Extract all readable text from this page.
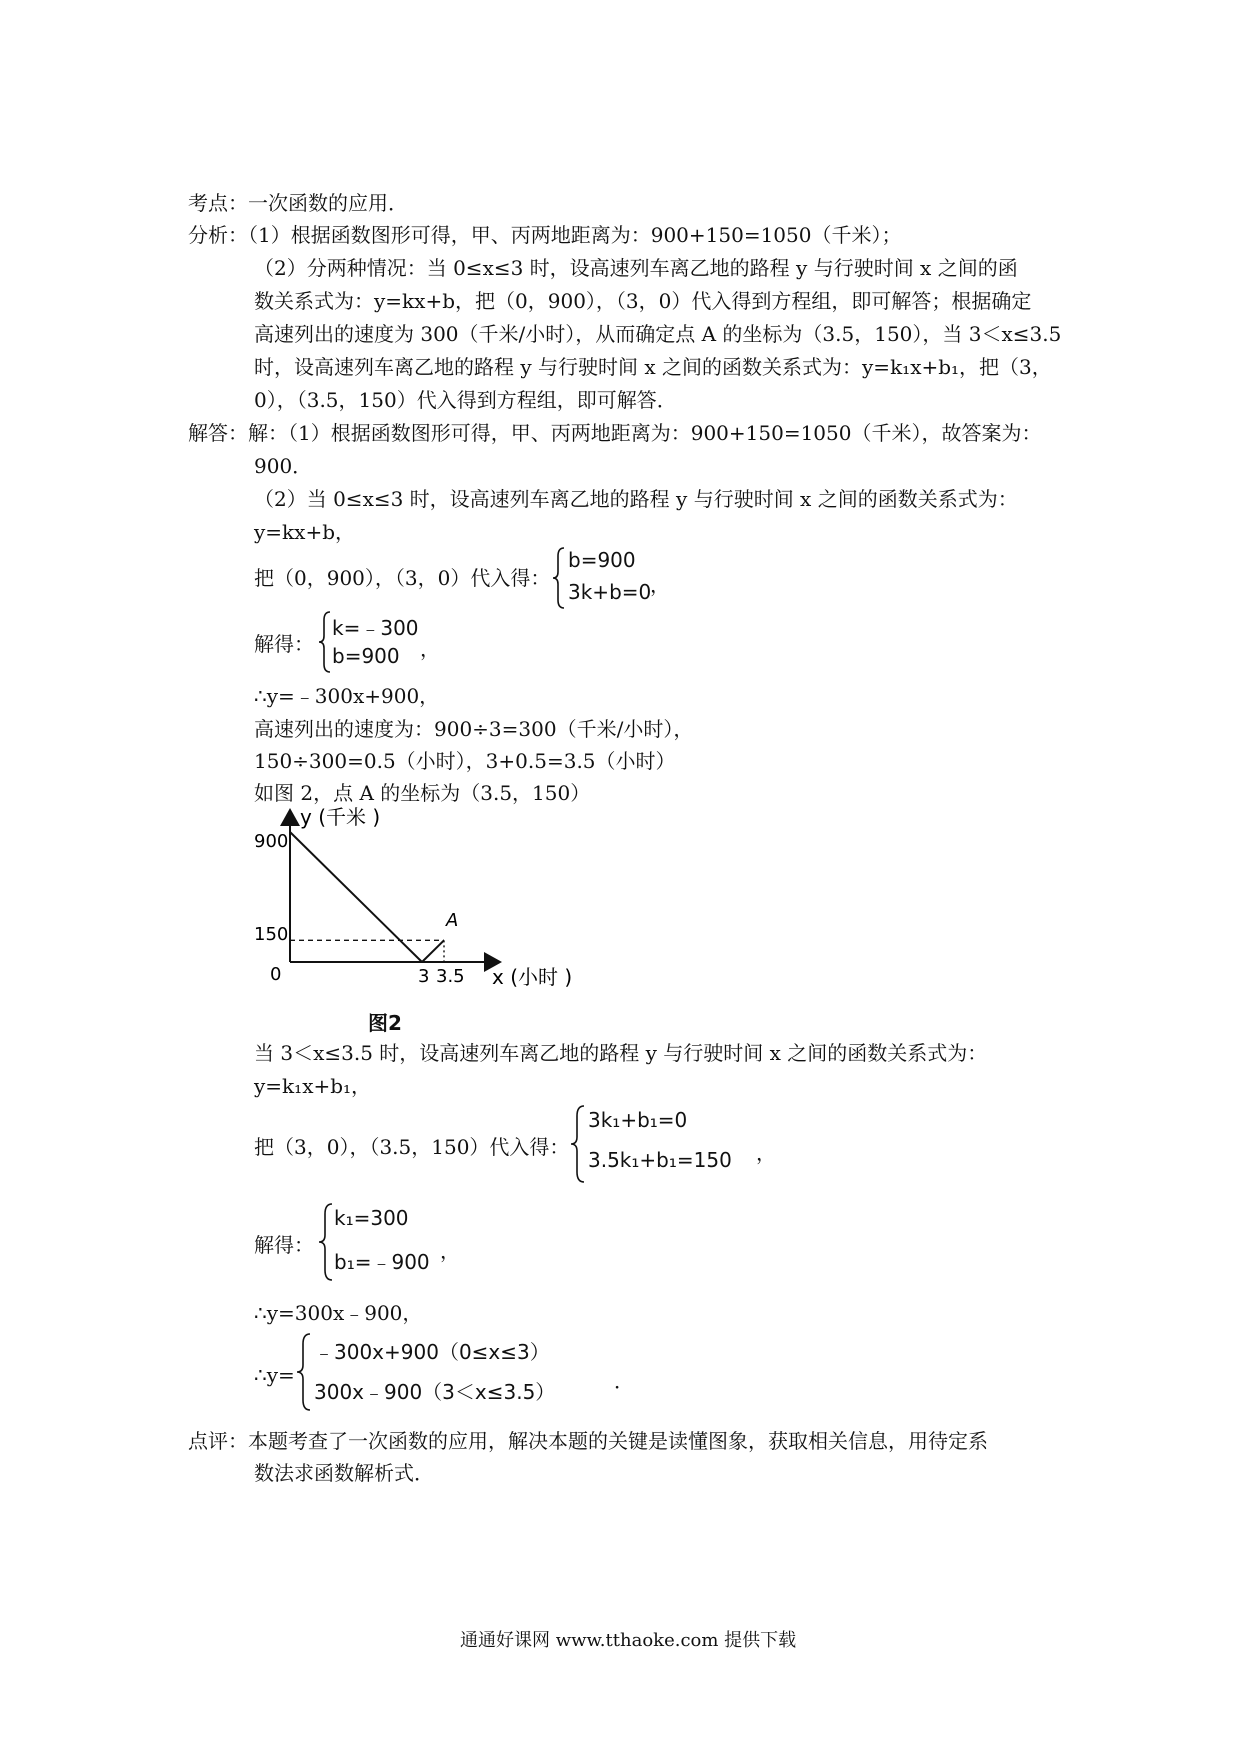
考点：一次函数的应用．
分析：（1）根据函数图形可得，甲、丙两地距离为：900+150=1050（千米）；
（2）分两种情况：当 0≤x≤3 时，设高速列车离乙地的路程 y 与行驶时间 x 之间的函
数关系式为：y=kx+b，把（0，900），（3，0）代入得到方程组，即可解答；根据确定
高速列出的速度为 300（千米/小时），从而确定点 A 的坐标为（3.5，150），当 3＜x≤3.5
时，设高速列车离乙地的路程 y 与行驶时间 x 之间的函数关系式为：y=k₁x+b₁，把（3，
0），（3.5，150）代入得到方程组，即可解答．
解答：解：（1）根据函数图形可得，甲、丙两地距离为：900+150=1050（千米），故答案为：
900．
（2）当 0≤x≤3 时，设高速列车离乙地的路程 y 与行驶时间 x 之间的函数关系式为：
y=kx+b，
把（0，900），（3，0）代入得：
b=900
3k+b=0
，
解得：
k=﹣300
b=900 ，
∴y=﹣300x+900，
高速列出的速度为：900÷3=300（千米/小时），
150÷300=0.5（小时），3+0.5=3.5（小时）
如图 2，点 A 的坐标为（3.5，150）
y (千米 )
x (小时 )
900
150
0	3 3.5
A
图2
当 3＜x≤3.5 时，设高速列车离乙地的路程 y 与行驶时间 x 之间的函数关系式为：
y=k₁x+b₁，
把（3，0），（3.5，150）代入得：
3k₁+b₁=0
3.5k₁+b₁=150 ，
解得：
k₁=300
b₁=﹣900 ，
∴y=300x﹣900，
∴y=
﹣300x+900（0≤x≤3）
300x﹣900（3＜x≤3.5）	．
点评：本题考查了一次函数的应用，解决本题的关键是读懂图象，获取相关信息，用待定系
数法求函数解析式．
通通好课网 www.tthaoke.com 提供下载
